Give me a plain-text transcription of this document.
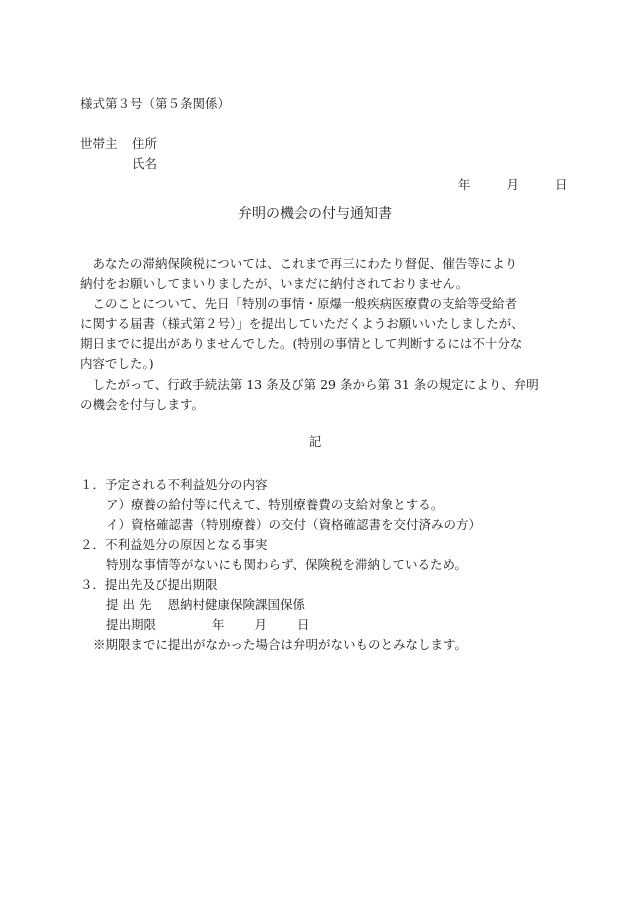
様式第３号（第５条関係）
世帯主 住所
氏名
年	月	日
弁明の機会の付与通知書
　あなたの滞納保険税については、これまで再三にわたり督促、催告等により
納付をお願いしてまいりましたが、いまだに納付されておりません。
　このことについて、先日「特別の事情・原爆一般疾病医療費の支給等受給者
に関する届書（様式第２号）」を提出していただくようお願いいたしましたが、
期日までに提出がありませんでした。(特別の事情として判断するには不十分な
内容でした。)
　したがって、行政手続法第 13 条及び第 29 条から第 31 条の規定により、弁明
の機会を付与します。
記
１．予定される不利益処分の内容
ア）療養の給付等に代えて、特別療養費の支給対象とする。
イ）資格確認書（特別療養）の交付（資格確認書を交付済みの方）
２．不利益処分の原因となる事実
特別な事情等がないにも関わらず、保険税を滞納しているため。
３．提出先及び提出期限
提 出 先 恩納村健康保険課国保係
提出期限	年 月 日
※期限までに提出がなかった場合は弁明がないものとみなします。
